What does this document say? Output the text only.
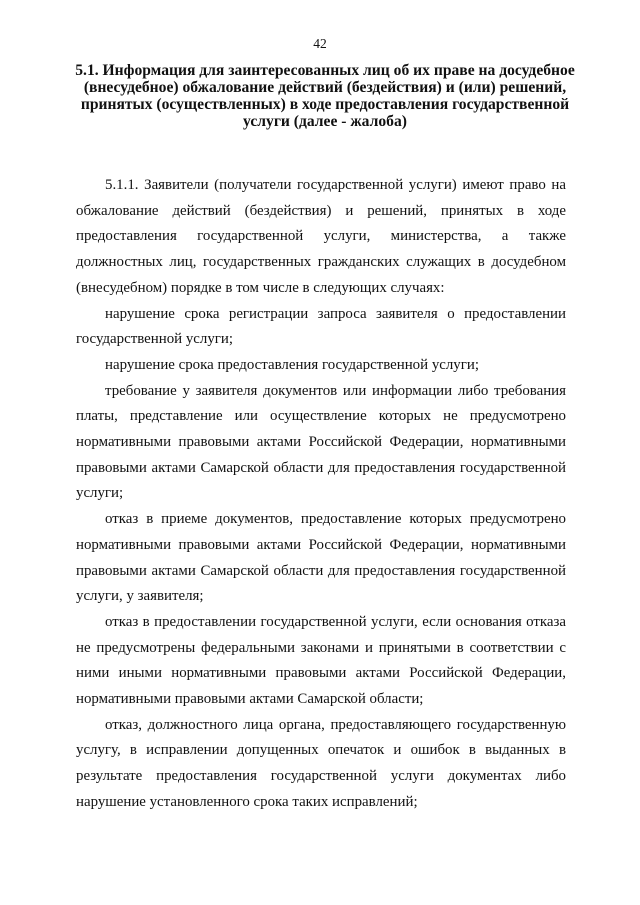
42
5.1. Информация для заинтересованных лиц об их праве на досудебное (внесудебное) обжалование действий (бездействия) и (или) решений, принятых (осуществленных) в ходе предоставления государственной услуги (далее - жалоба)

5.1.1. Заявители (получатели государственной услуги) имеют право на обжалование действий (бездействия) и решений, принятых в ходе предоставления государственной услуги, министерства, а также должностных лиц, государственных гражданских служащих в досудебном (внесудебном) порядке в том числе в следующих случаях:

нарушение срока регистрации запроса заявителя о предоставлении государственной услуги;

нарушение срока предоставления государственной услуги;

требование у заявителя документов или информации либо требования платы, представление или осуществление которых не предусмотрено нормативными правовыми актами Российской Федерации, нормативными правовыми актами Самарской области для предоставления государственной услуги;

отказ в приеме документов, предоставление которых предусмотрено нормативными правовыми актами Российской Федерации, нормативными правовыми актами Самарской области для предоставления государственной услуги, у заявителя;

отказ в предоставлении государственной услуги, если основания отказа не предусмотрены федеральными законами и принятыми в соответствии с ними иными нормативными правовыми актами Российской Федерации, нормативными правовыми актами Самарской области;

отказ, должностного лица органа, предоставляющего государственную услугу, в исправлении допущенных опечаток и ошибок в выданных в результате предоставления государственной услуги документах либо нарушение установленного срока таких исправлений;
